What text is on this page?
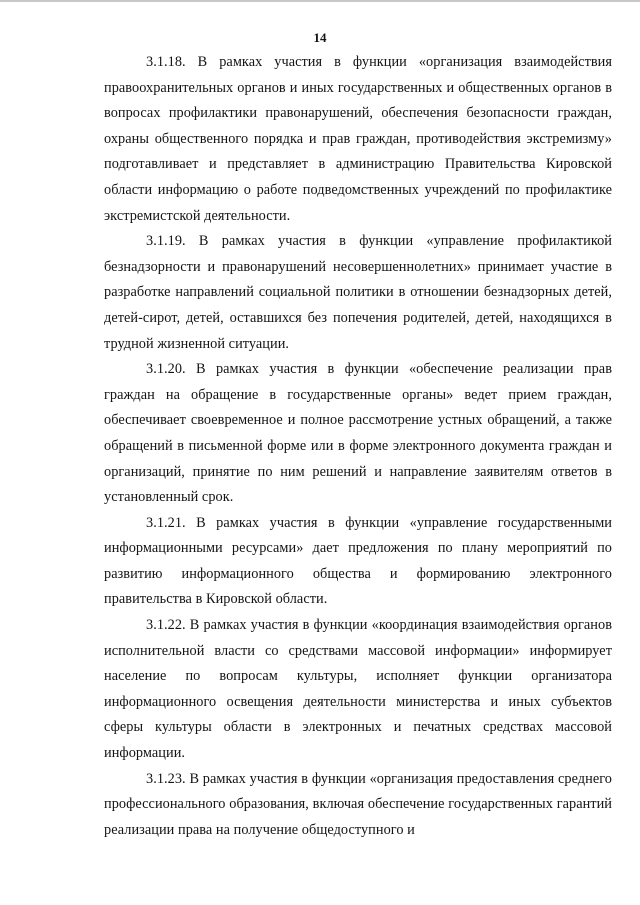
14

3.1.18. В рамках участия в функции «организация взаимодействия правоохранительных органов и иных государственных и общественных органов в вопросах профилактики правонарушений, обеспечения безопасности граждан, охраны общественного порядка и прав граждан, противодействия экстремизму» подготавливает и представляет в администрацию Правительства Кировской области информацию о работе подведомственных учреждений по профилактике экстремистской деятельности.

3.1.19. В рамках участия в функции «управление профилактикой безнадзорности и правонарушений несовершеннолетних» принимает участие в разработке направлений социальной политики в отношении безнадзорных детей, детей-сирот, детей, оставшихся без попечения родителей, детей, находящихся в трудной жизненной ситуации.

3.1.20. В рамках участия в функции «обеспечение реализации прав граждан на обращение в государственные органы» ведет прием граждан, обеспечивает своевременное и полное рассмотрение устных обращений, а также обращений в письменной форме или в форме электронного документа граждан и организаций, принятие по ним решений и направление заявителям ответов в установленный срок.

3.1.21. В рамках участия в функции «управление государственными информационными ресурсами» дает предложения по плану мероприятий по развитию информационного общества и формированию электронного правительства в Кировской области.

3.1.22. В рамках участия в функции «координация взаимодействия органов исполнительной власти со средствами массовой информации» информирует население по вопросам культуры, исполняет функции организатора информационного освещения деятельности министерства и иных субъектов сферы культуры области в электронных и печатных средствах массовой информации.

3.1.23. В рамках участия в функции «организация предоставления среднего профессионального образования, включая обеспечение государственных гарантий реализации права на получение общедоступного и
